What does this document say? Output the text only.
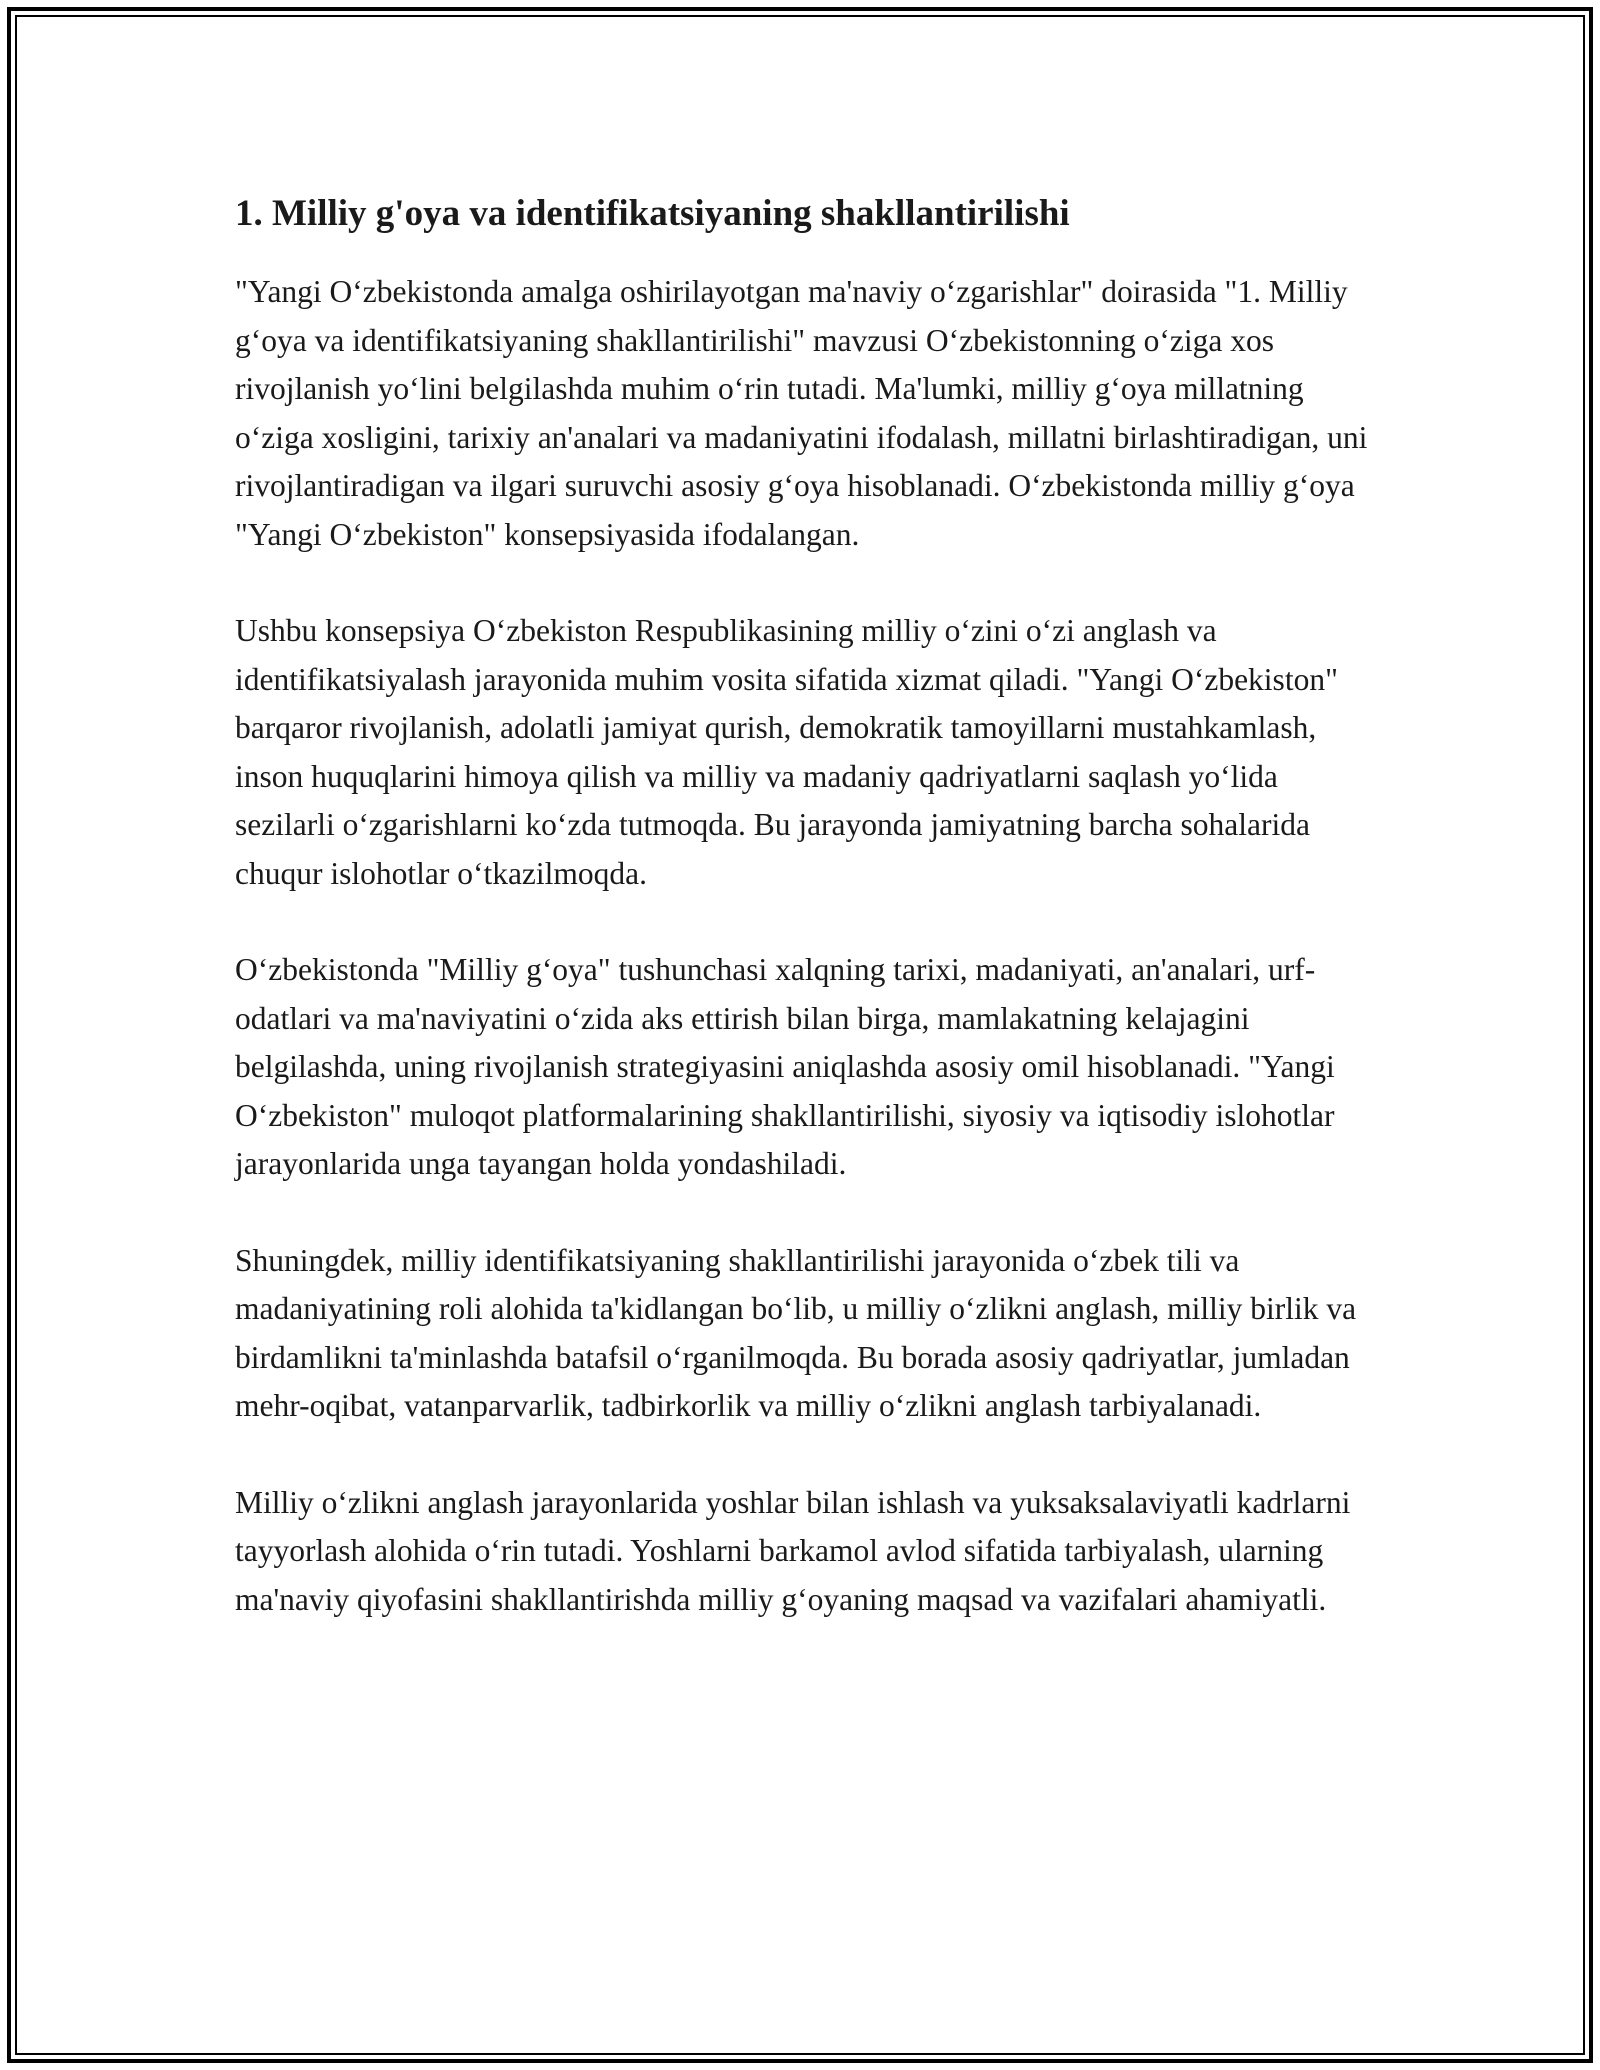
1. Milliy g'oya va identifikatsiyaning shakllantirilishi

"Yangi O‘zbekistonda amalga oshirilayotgan ma'naviy o‘zgarishlar" doirasida "1. Milliy g‘oya va identifikatsiyaning shakllantirilishi" mavzusi O‘zbekistonning o‘ziga xos rivojlanish yo‘lini belgilashda muhim o‘rin tutadi. Ma'lumki, milliy g‘oya millatning o‘ziga xosligini, tarixiy an'analari va madaniyatini ifodalash, millatni birlashtiradigan, uni rivojlantiradigan va ilgari suruvchi asosiy g‘oya hisoblanadi. O‘zbekistonda milliy g‘oya "Yangi O‘zbekiston" konsepsiyasida ifodalangan.

Ushbu konsepsiya O‘zbekiston Respublikasining milliy o‘zini o‘zi anglash va identifikatsiyalash jarayonida muhim vosita sifatida xizmat qiladi. "Yangi O‘zbekiston" barqaror rivojlanish, adolatli jamiyat qurish, demokratik tamoyillarni mustahkamlash, inson huquqlarini himoya qilish va milliy va madaniy qadriyatlarni saqlash yo‘lida sezilarli o‘zgarishlarni ko‘zda tutmoqda. Bu jarayonda jamiyatning barcha sohalarida chuqur islohotlar o‘tkazilmoqda.

O‘zbekistonda "Milliy g‘oya" tushunchasi xalqning tarixi, madaniyati, an'analari, urf-odatlari va ma'naviyatini o‘zida aks ettirish bilan birga, mamlakatning kelajagini belgilashda, uning rivojlanish strategiyasini aniqlashda asosiy omil hisoblanadi. "Yangi O‘zbekiston" muloqot platformalarining shakllantirilishi, siyosiy va iqtisodiy islohotlar jarayonlarida unga tayangan holda yondashiladi.

Shuningdek, milliy identifikatsiyaning shakllantirilishi jarayonida o‘zbek tili va madaniyatining roli alohida ta'kidlangan bo‘lib, u milliy o‘zlikni anglash, milliy birlik va birdamlikni ta'minlashda batafsil o‘rganilmoqda. Bu borada asosiy qadriyatlar, jumladan mehr-oqibat, vatanparvarlik, tadbirkorlik va milliy o‘zlikni anglash tarbiyalanadi.

Milliy o‘zlikni anglash jarayonlarida yoshlar bilan ishlash va yuksaksalaviyatli kadrlarni tayyorlash alohida o‘rin tutadi. Yoshlarni barkamol avlod sifatida tarbiyalash, ularning ma'naviy qiyofasini shakllantirishda milliy g‘oyaning maqsad va vazifalari ahamiyatli.
